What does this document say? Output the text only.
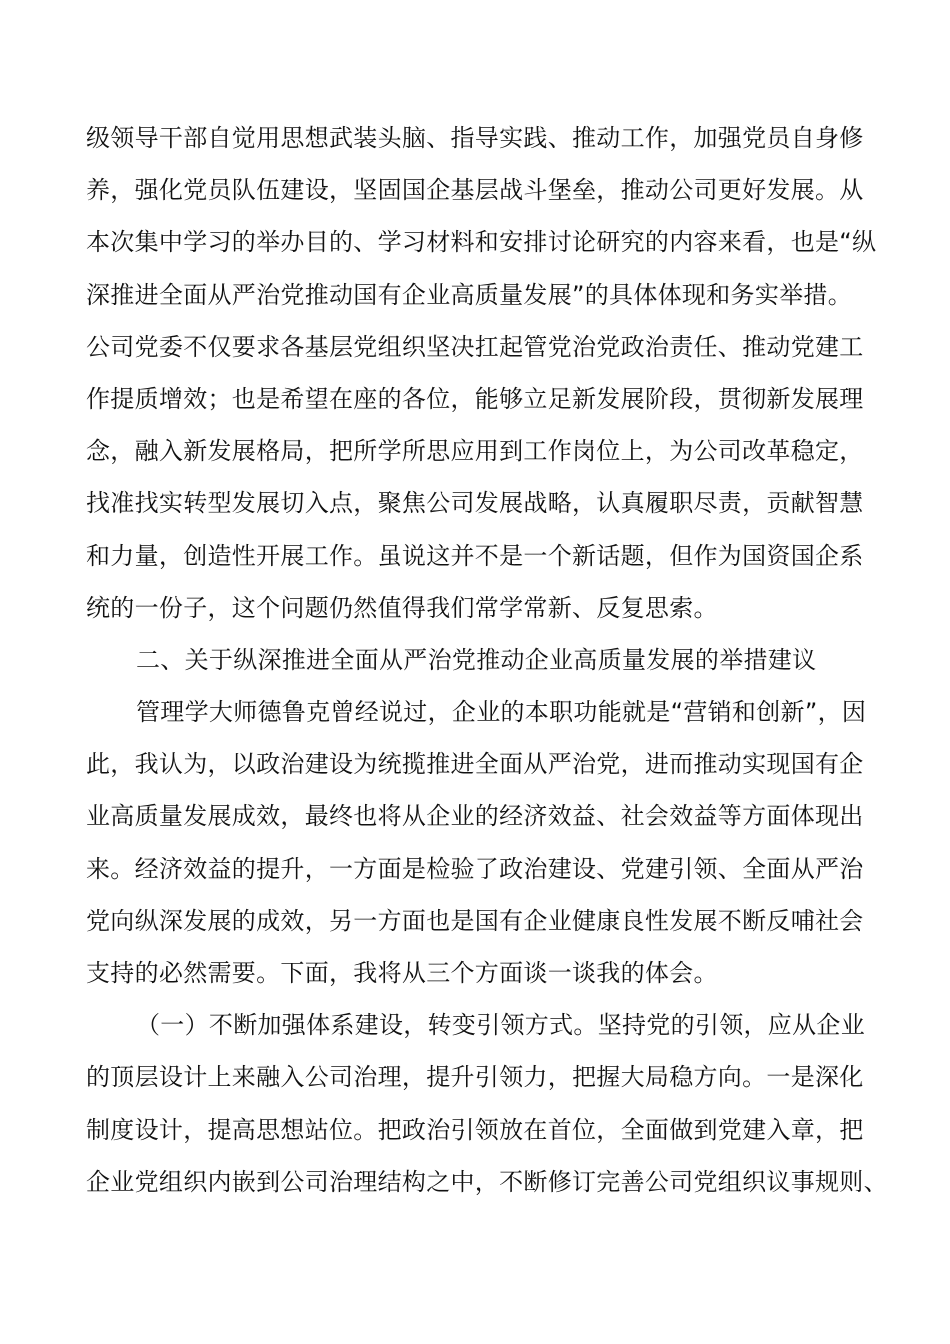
级领导干部自觉用思想武装头脑、指导实践、推动工作，加强党员自身修
养，强化党员队伍建设，坚固国企基层战斗堡垒，推动公司更好发展。从
本次集中学习的举办目的、学习材料和安排讨论研究的内容来看，也是“纵
深推进全面从严治党推动国有企业高质量发展”的具体体现和务实举措。
公司党委不仅要求各基层党组织坚决扛起管党治党政治责任、推动党建工
作提质增效；也是希望在座的各位，能够立足新发展阶段，贯彻新发展理
念，融入新发展格局，把所学所思应用到工作岗位上，为公司改革稳定，
找准找实转型发展切入点，聚焦公司发展战略，认真履职尽责，贡献智慧
和力量，创造性开展工作。虽说这并不是一个新话题，但作为国资国企系
统的一份子，这个问题仍然值得我们常学常新、反复思索。
二、关于纵深推进全面从严治党推动企业高质量发展的举措建议
管理学大师德鲁克曾经说过，企业的本职功能就是“营销和创新”，因
此，我认为，以政治建设为统揽推进全面从严治党，进而推动实现国有企
业高质量发展成效，最终也将从企业的经济效益、社会效益等方面体现出
来。经济效益的提升，一方面是检验了政治建设、党建引领、全面从严治
党向纵深发展的成效，另一方面也是国有企业健康良性发展不断反哺社会
支持的必然需要。下面，我将从三个方面谈一谈我的体会。
（一）不断加强体系建设，转变引领方式。坚持党的引领，应从企业
的顶层设计上来融入公司治理，提升引领力，把握大局稳方向。一是深化
制度设计，提高思想站位。把政治引领放在首位，全面做到党建入章，把
企业党组织内嵌到公司治理结构之中，不断修订完善公司党组织议事规则、
